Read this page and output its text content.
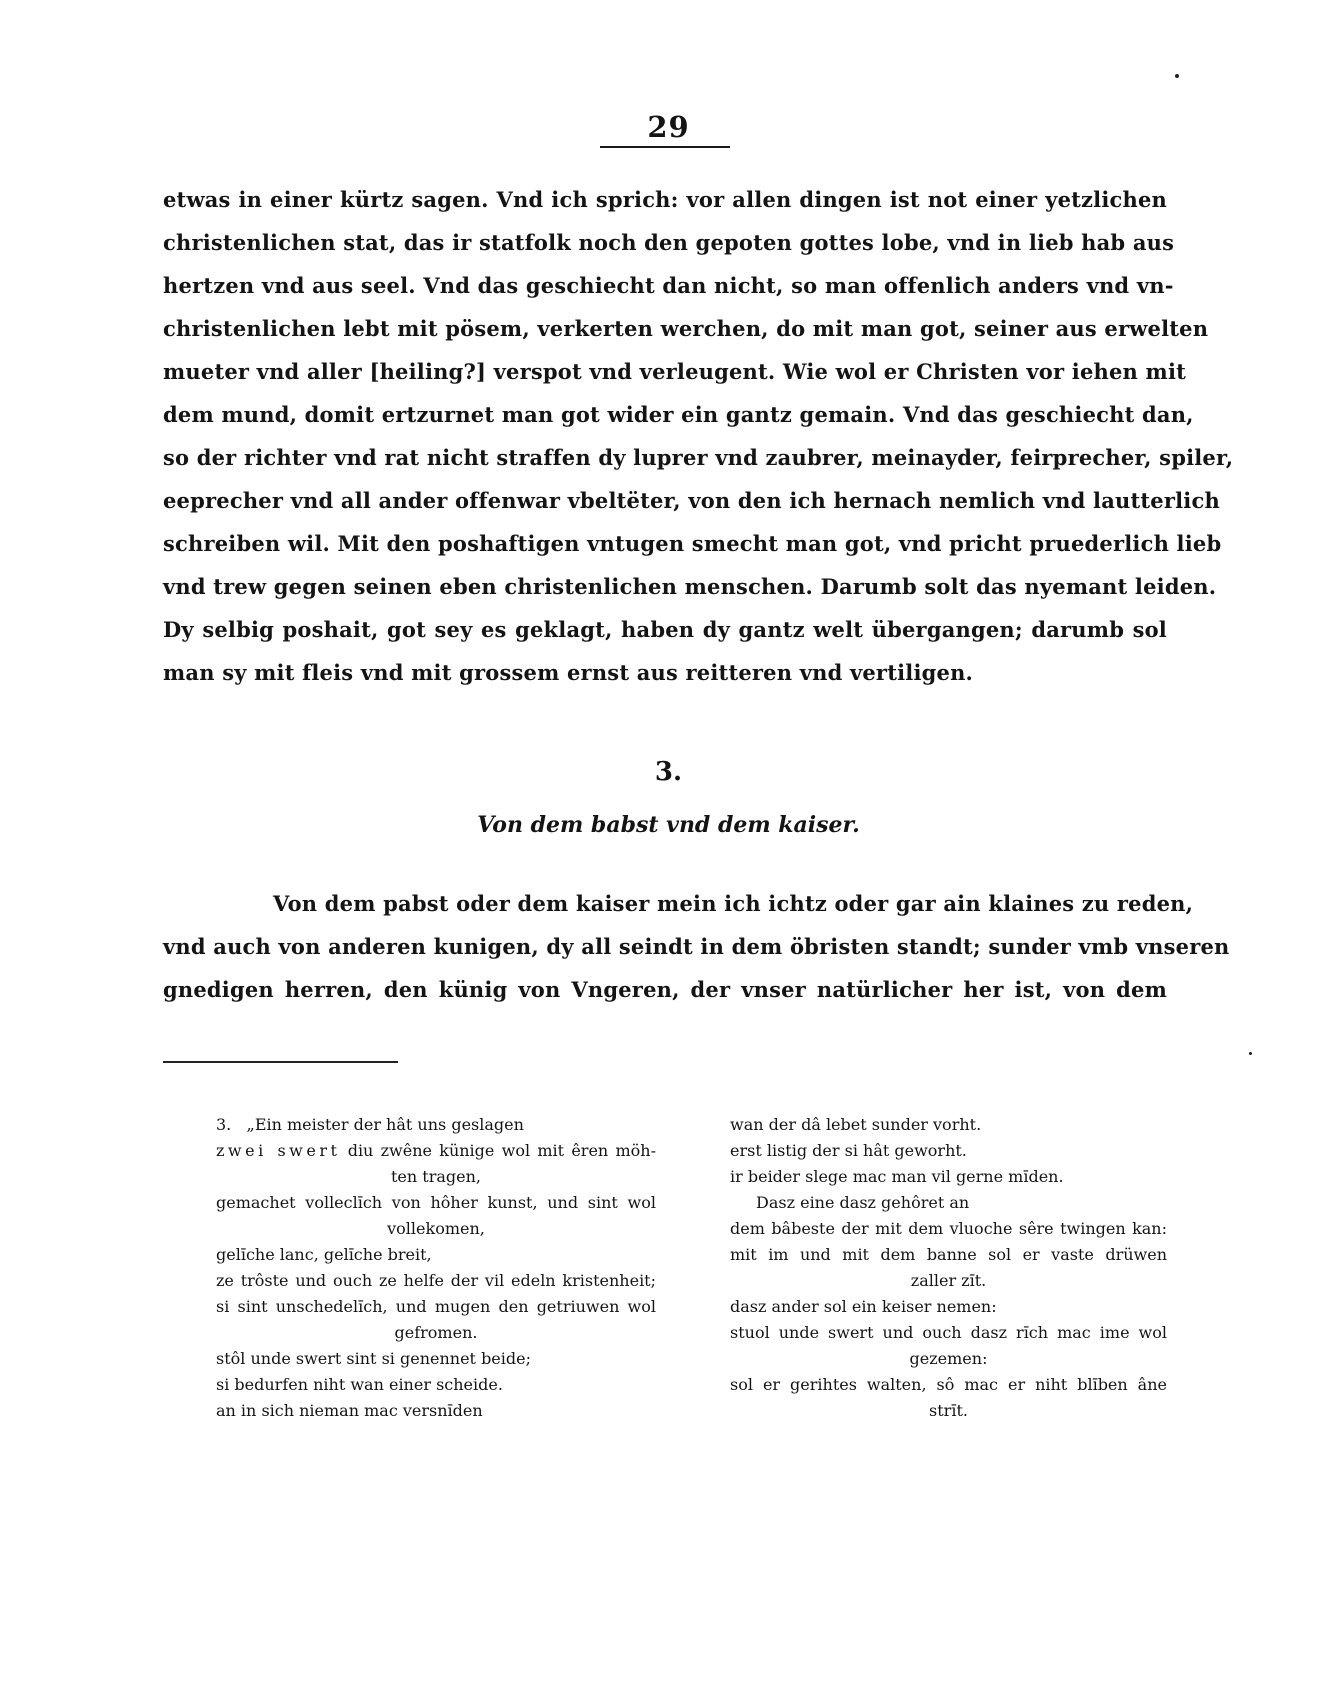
29
etwas in einer kürtz sagen. Vnd ich sprich: vor allen dingen ist not einer yetzlichen
christenlichen stat, das ir statfolk noch den gepoten gottes lobe, vnd in lieb hab aus
hertzen vnd aus seel. Vnd das geschiecht dan nicht, so man offenlich anders vnd vn-
christenlichen lebt mit pösem, verkerten werchen, do mit man got, seiner aus erwelten
mueter vnd aller [heiling?] verspot vnd verleugent. Wie wol er Christen vor iehen mit
dem mund, domit ertzurnet man got wider ein gantz gemain. Vnd das geschiecht dan,
so der richter vnd rat nicht straffen dy luprer vnd zaubrer, meinayder, feirprecher, spiler,
eeprecher vnd all ander offenwar vbeltëter, von den ich hernach nemlich vnd lautterlich
schreiben wil. Mit den poshaftigen vntugen smecht man got, vnd pricht pruederlich lieb
vnd trew gegen seinen eben christenlichen menschen. Darumb solt das nyemant leiden.
Dy selbig poshait, got sey es geklagt, haben dy gantz welt übergangen; darumb sol
man sy mit fleis vnd mit grossem ernst aus reitteren vnd vertiligen.
3.
Von dem babst vnd dem kaiser.
Von dem pabst oder dem kaiser mein ich ichtz oder gar ain klaines zu reden,
vnd auch von anderen kunigen, dy all seindt in dem öbristen standt; sunder vmb vnseren
gnedigen herren, den künig von Vngeren, der vnser natürlicher her ist, von dem
3. „Ein meister der hât uns geslagen
zwei swert diu zwêne künige wol mit êren möh-
ten tragen,
gemachet volleclı̄ch von hôher kunst, und sint wol
vollekomen,
gelı̄che lanc, gelı̄che breit,
ze trôste und ouch ze helfe der vil edeln kristenheit;
si sint unschedelı̄ch, und mugen den getriuwen wol
gefromen.
stôl unde swert sint si genennet beide;
si bedurfen niht wan einer scheide.
an in sich nieman mac versnı̄den
wan der dâ lebet sunder vorht.
erst listig der si hât geworht.
ir beider slege mac man vil gerne mı̄den.
Dasz eine dasz gehôret an
dem bâbeste der mit dem vluoche sêre twingen kan:
mit im und mit dem banne sol er vaste drüwen
zaller zı̄t.
dasz ander sol ein keiser nemen:
stuol unde swert und ouch dasz rı̄ch mac ime wol
gezemen:
sol er gerihtes walten, sô mac er niht blı̄ben âne
strı̄t.
